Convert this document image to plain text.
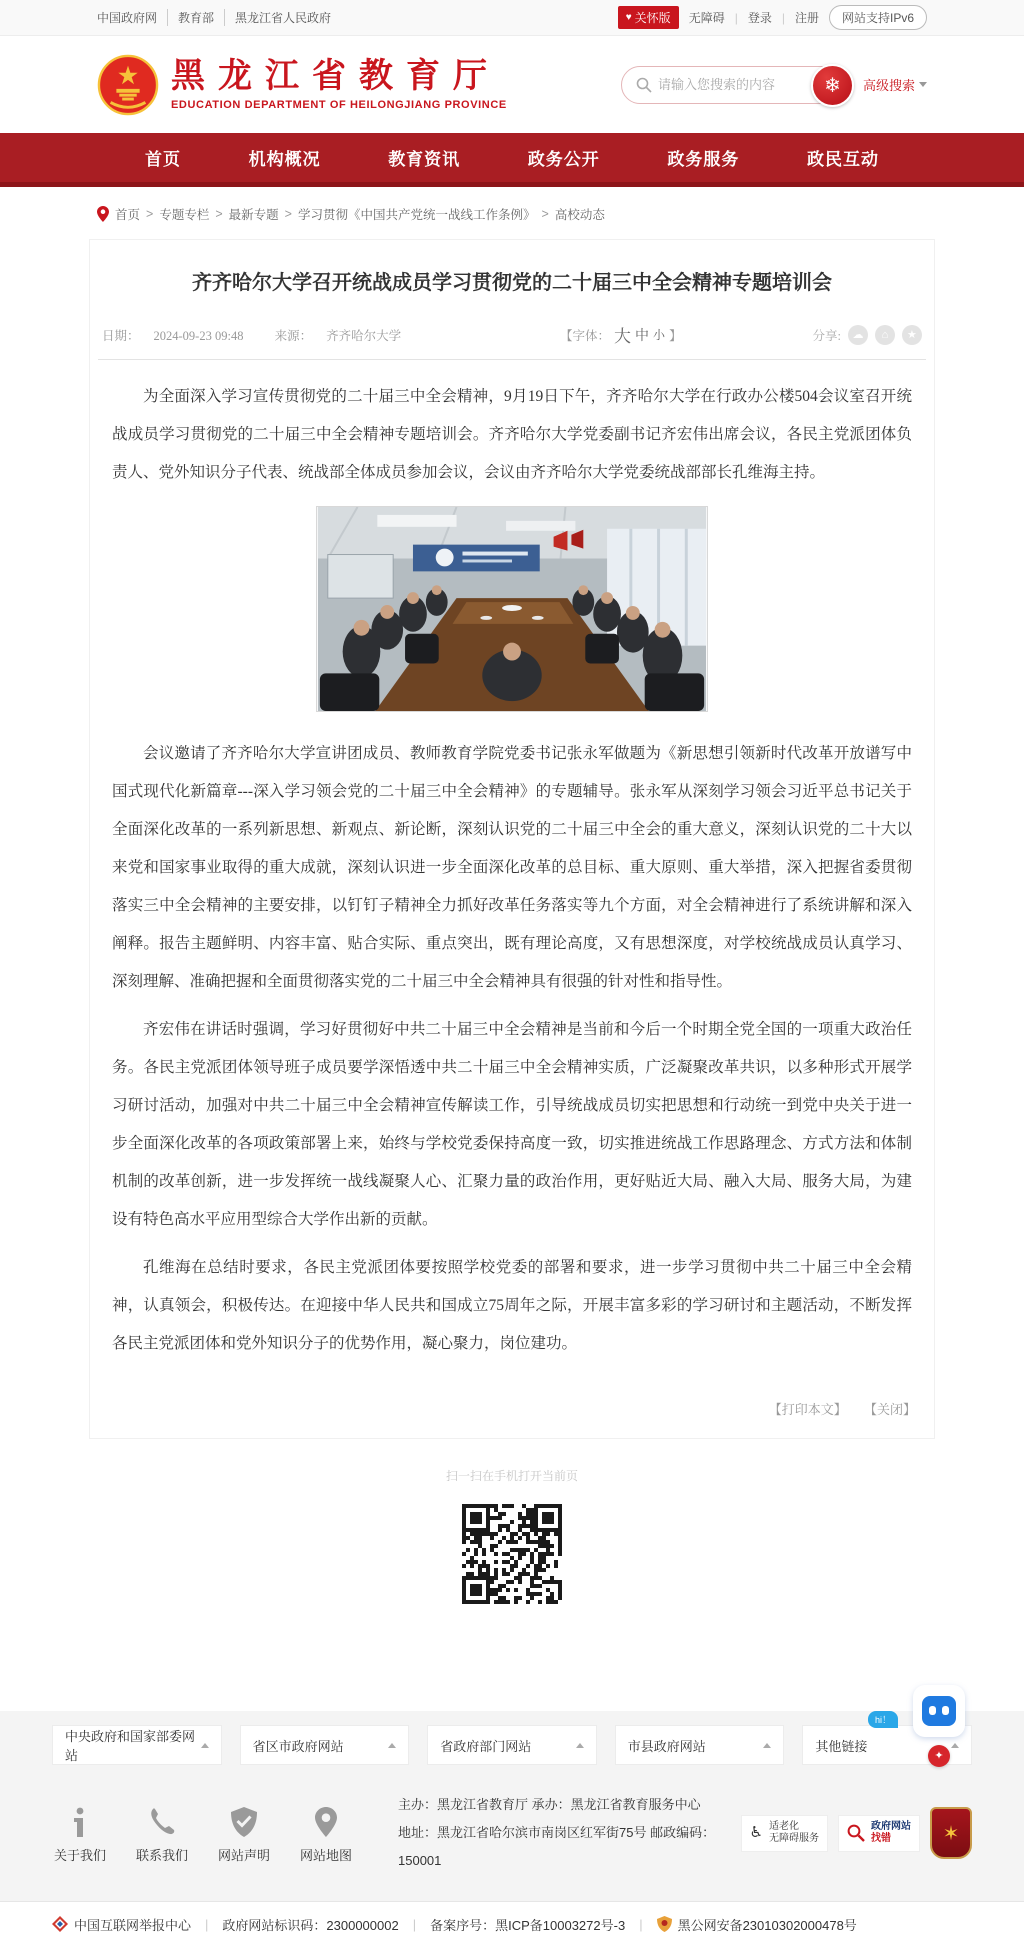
中国政府网	教育部	黑龙江省人民政府	♥ 关怀版 无障碍 | 登录 | 注册	网站支持IPv6
黑龙江省教育厅
EDUCATION DEPARTMENT OF HEILONGJIANG PROVINCE
请输入您搜索的内容
❄ 高级搜索
首页	机构概况	教育资讯	政务公开	政务服务	政民互动
首页 > 专题专栏 > 最新专题 > 学习贯彻《中国共产党统一战线工作条例》 > 高校动态
齐齐哈尔大学召开统战成员学习贯彻党的二十届三中全会精神专题培训会
日期： 2024-09-23 09:48 来源： 齐齐哈尔大学	【字体： 大 中 小 】	分享:	☁	⌂	★

为全面深入学习宣传贯彻党的二十届三中全会精神，9月19日下午，齐齐哈尔大学在行政办公楼504会议室召开统战成员学习贯彻党的二十届三中全会精神专题培训会。齐齐哈尔大学党委副书记齐宏伟出席会议，各民主党派团体负责人、党外知识分子代表、统战部全体成员参加会议，会议由齐齐哈尔大学党委统战部部长孔维海主持。

会议邀请了齐齐哈尔大学宣讲团成员、教师教育学院党委书记张永军做题为《新思想引领新时代改革开放谱写中国式现代化新篇章---深入学习领会党的二十届三中全会精神》的专题辅导。张永军从深刻学习领会习近平总书记关于全面深化改革的一系列新思想、新观点、新论断，深刻认识党的二十届三中全会的重大意义，深刻认识党的二十大以来党和国家事业取得的重大成就，深刻认识进一步全面深化改革的总目标、重大原则、重大举措，深入把握省委贯彻落实三中全会精神的主要安排，以钉钉子精神全力抓好改革任务落实等九个方面，对全会精神进行了系统讲解和深入阐释。报告主题鲜明、内容丰富、贴合实际、重点突出，既有理论高度，又有思想深度，对学校统战成员认真学习、深刻理解、准确把握和全面贯彻落实党的二十届三中全会精神具有很强的针对性和指导性。

齐宏伟在讲话时强调，学习好贯彻好中共二十届三中全会精神是当前和今后一个时期全党全国的一项重大政治任务。各民主党派团体领导班子成员要学深悟透中共二十届三中全会精神实质，广泛凝聚改革共识，以多种形式开展学习研讨活动，加强对中共二十届三中全会精神宣传解读工作，引导统战成员切实把思想和行动统一到党中央关于进一步全面深化改革的各项政策部署上来，始终与学校党委保持高度一致，切实推进统战工作思路理念、方式方法和体制机制的改革创新，进一步发挥统一战线凝聚人心、汇聚力量的政治作用，更好贴近大局、融入大局、服务大局，为建设有特色高水平应用型综合大学作出新的贡献。

孔维海在总结时要求，各民主党派团体要按照学校党委的部署和要求，进一步学习贯彻中共二十届三中全会精神，认真领会，积极传达。在迎接中华人民共和国成立75周年之际，开展丰富多彩的学习研讨和主题活动，不断发挥各民主党派团体和党外知识分子的优势作用，凝心聚力，岗位建功。

【打印本文】 【关闭】
扫一扫在手机打开当前页
中央政府和国家部委网站
省区市政府网站	省政府部门网站	市县政府网站	其他链接
hi！
✦
关于我们 联系我们 网站声明 网站地图
主办：黑龙江省教育厅 承办：黑龙江省教育服务中心
地址：黑龙江省哈尔滨市南岗区红军街75号 邮政编码：150001
♿ 适老化
无障碍服务
政府网站
找错	✶
中国互联网举报中心 | 政府网站标识码：2300000002 | 备案序号：黑ICP备10003272号-3 |	黑公网安备23010302000478号
